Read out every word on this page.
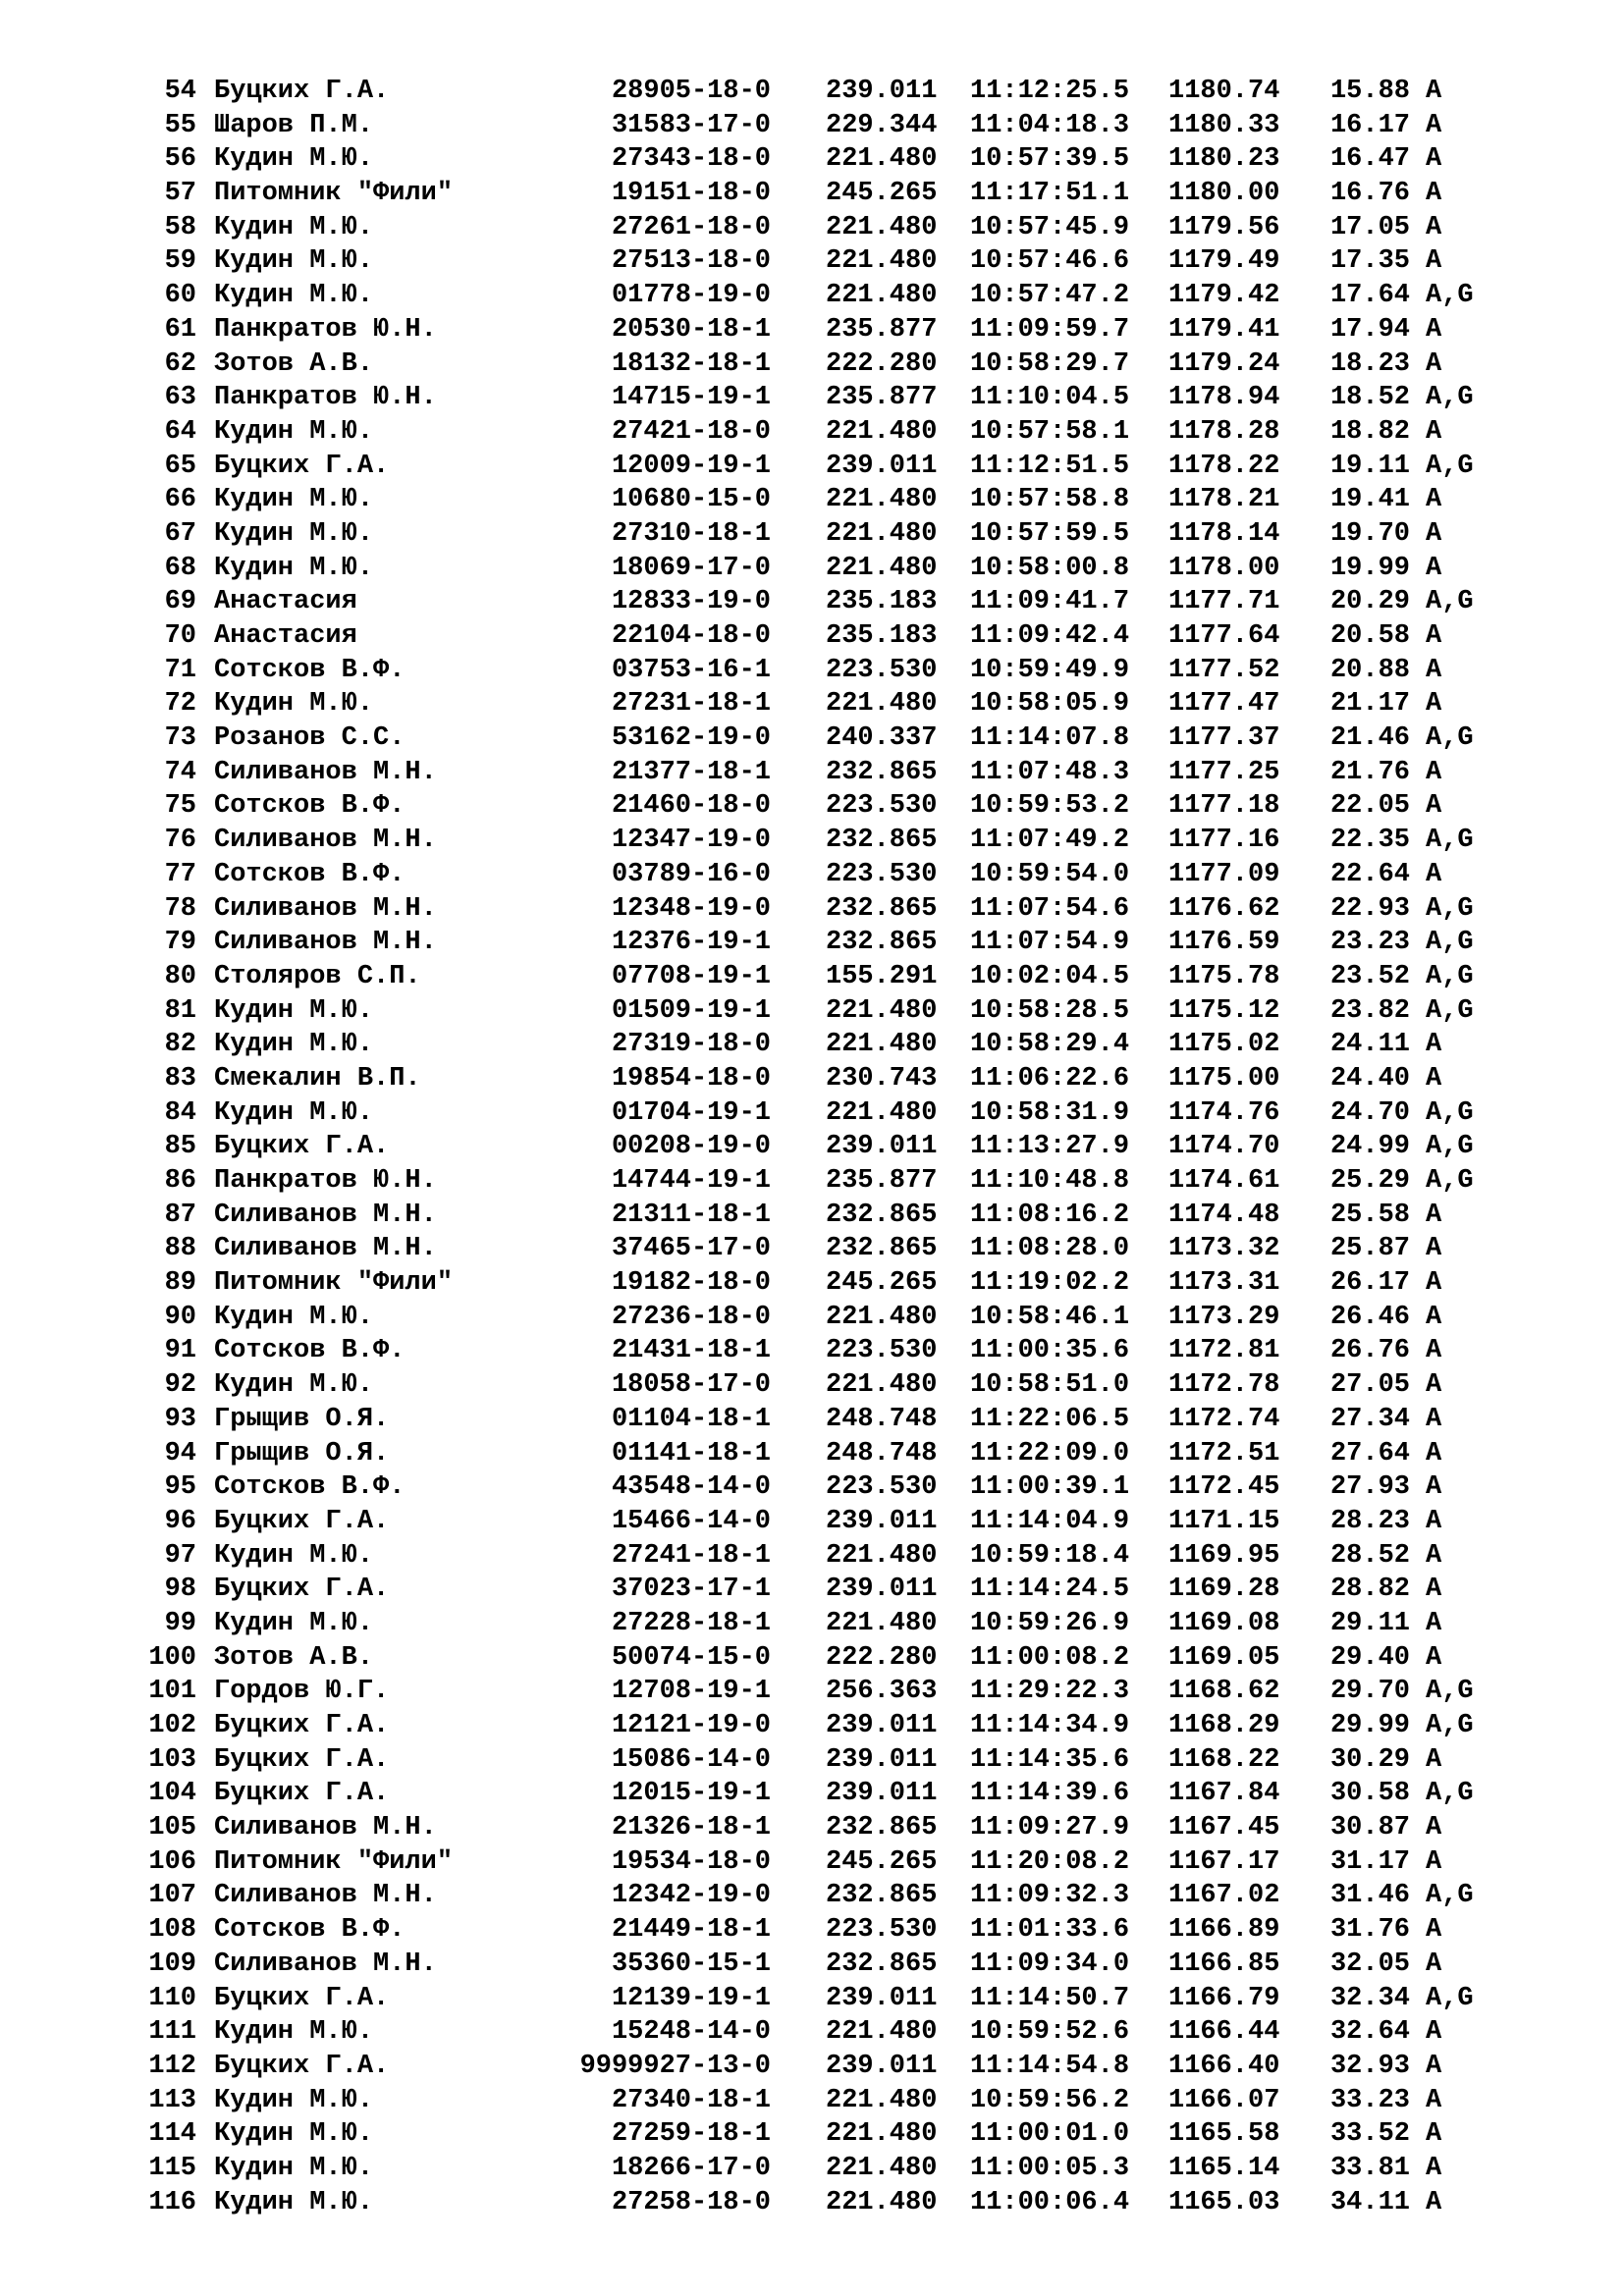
54 Буцких Г.А.	28905-18-0 239.011 11:12:25.5 1180.74	15.88 A
55 Шаров П.М.	31583-17-0 229.344 11:04:18.3 1180.33	16.17 A
56 Кудин М.Ю.	27343-18-0 221.480 10:57:39.5 1180.23	16.47 A
57 Питомник "Фили"	19151-18-0 245.265 11:17:51.1 1180.00	16.76 A
58 Кудин М.Ю.	27261-18-0 221.480 10:57:45.9 1179.56	17.05 A
59 Кудин М.Ю.	27513-18-0 221.480 10:57:46.6 1179.49	17.35 A
60 Кудин М.Ю.	01778-19-0 221.480 10:57:47.2 1179.42	17.64 A,G
61 Панкратов Ю.Н.	20530-18-1 235.877 11:09:59.7 1179.41	17.94 A
62 Зотов А.В.	18132-18-1 222.280 10:58:29.7 1179.24	18.23 A
63 Панкратов Ю.Н.	14715-19-1 235.877 11:10:04.5 1178.94	18.52 A,G
64 Кудин М.Ю.	27421-18-0 221.480 10:57:58.1 1178.28	18.82 A
65 Буцких Г.А.	12009-19-1 239.011 11:12:51.5 1178.22	19.11 A,G
66 Кудин М.Ю.	10680-15-0 221.480 10:57:58.8 1178.21	19.41 A
67 Кудин М.Ю.	27310-18-1 221.480 10:57:59.5 1178.14	19.70 A
68 Кудин М.Ю.	18069-17-0 221.480 10:58:00.8 1178.00	19.99 A
69 Анастасия	12833-19-0 235.183 11:09:41.7 1177.71	20.29 A,G
70 Анастасия	22104-18-0 235.183 11:09:42.4 1177.64	20.58 A
71 Сотсков В.Ф.	03753-16-1 223.530 10:59:49.9 1177.52	20.88 A
72 Кудин М.Ю.	27231-18-1 221.480 10:58:05.9 1177.47	21.17 A
73 Розанов С.С.	53162-19-0 240.337 11:14:07.8 1177.37	21.46 A,G
74 Силиванов М.Н.	21377-18-1 232.865 11:07:48.3 1177.25	21.76 A
75 Сотсков В.Ф.	21460-18-0 223.530 10:59:53.2 1177.18	22.05 A
76 Силиванов М.Н.	12347-19-0 232.865 11:07:49.2 1177.16	22.35 A,G
77 Сотсков В.Ф.	03789-16-0 223.530 10:59:54.0 1177.09	22.64 A
78 Силиванов М.Н.	12348-19-0 232.865 11:07:54.6 1176.62	22.93 A,G
79 Силиванов М.Н.	12376-19-1 232.865 11:07:54.9 1176.59	23.23 A,G
80 Столяров С.П.	07708-19-1 155.291 10:02:04.5 1175.78	23.52 A,G
81 Кудин М.Ю.	01509-19-1 221.480 10:58:28.5 1175.12	23.82 A,G
82 Кудин М.Ю.	27319-18-0 221.480 10:58:29.4 1175.02	24.11 A
83 Смекалин В.П.	19854-18-0 230.743 11:06:22.6 1175.00	24.40 A
84 Кудин М.Ю.	01704-19-1 221.480 10:58:31.9 1174.76	24.70 A,G
85 Буцких Г.А.	00208-19-0 239.011 11:13:27.9 1174.70	24.99 A,G
86 Панкратов Ю.Н.	14744-19-1 235.877 11:10:48.8 1174.61	25.29 A,G
87 Силиванов М.Н.	21311-18-1 232.865 11:08:16.2 1174.48	25.58 A
88 Силиванов М.Н.	37465-17-0 232.865 11:08:28.0 1173.32	25.87 A
89 Питомник "Фили"	19182-18-0 245.265 11:19:02.2 1173.31	26.17 A
90 Кудин М.Ю.	27236-18-0 221.480 10:58:46.1 1173.29	26.46 A
91 Сотсков В.Ф.	21431-18-1 223.530 11:00:35.6 1172.81	26.76 A
92 Кудин М.Ю.	18058-17-0 221.480 10:58:51.0 1172.78	27.05 A
93 Грыщив О.Я.	01104-18-1 248.748 11:22:06.5 1172.74	27.34 A
94 Грыщив О.Я.	01141-18-1 248.748 11:22:09.0 1172.51	27.64 A
95 Сотсков В.Ф.	43548-14-0 223.530 11:00:39.1 1172.45	27.93 A
96 Буцких Г.А.	15466-14-0 239.011 11:14:04.9 1171.15	28.23 A
97 Кудин М.Ю.	27241-18-1 221.480 10:59:18.4 1169.95	28.52 A
98 Буцких Г.А.	37023-17-1 239.011 11:14:24.5 1169.28	28.82 A
99 Кудин М.Ю.	27228-18-1 221.480 10:59:26.9 1169.08	29.11 A
100 Зотов А.В.	50074-15-0 222.280 11:00:08.2 1169.05	29.40 A
101 Гордов Ю.Г.	12708-19-1 256.363 11:29:22.3 1168.62	29.70 A,G
102 Буцких Г.А.	12121-19-0 239.011 11:14:34.9 1168.29	29.99 A,G
103 Буцких Г.А.	15086-14-0 239.011 11:14:35.6 1168.22	30.29 A
104 Буцких Г.А.	12015-19-1 239.011 11:14:39.6 1167.84	30.58 A,G
105 Силиванов М.Н.	21326-18-1 232.865 11:09:27.9 1167.45	30.87 A
106 Питомник "Фили"	19534-18-0 245.265 11:20:08.2 1167.17	31.17 A
107 Силиванов М.Н.	12342-19-0 232.865 11:09:32.3 1167.02	31.46 A,G
108 Сотсков В.Ф.	21449-18-1 223.530 11:01:33.6 1166.89	31.76 A
109 Силиванов М.Н.	35360-15-1 232.865 11:09:34.0 1166.85	32.05 A
110 Буцких Г.А.	12139-19-1 239.011 11:14:50.7 1166.79	32.34 A,G
111 Кудин М.Ю.	15248-14-0 221.480 10:59:52.6 1166.44	32.64 A
112 Буцких Г.А.	9999927-13-0 239.011 11:14:54.8 1166.40	32.93 A
113 Кудин М.Ю.	27340-18-1 221.480 10:59:56.2 1166.07	33.23 A
114 Кудин М.Ю.	27259-18-1 221.480 11:00:01.0 1165.58	33.52 A
115 Кудин М.Ю.	18266-17-0 221.480 11:00:05.3 1165.14	33.81 A
116 Кудин М.Ю.	27258-18-0 221.480 11:00:06.4 1165.03	34.11 A
